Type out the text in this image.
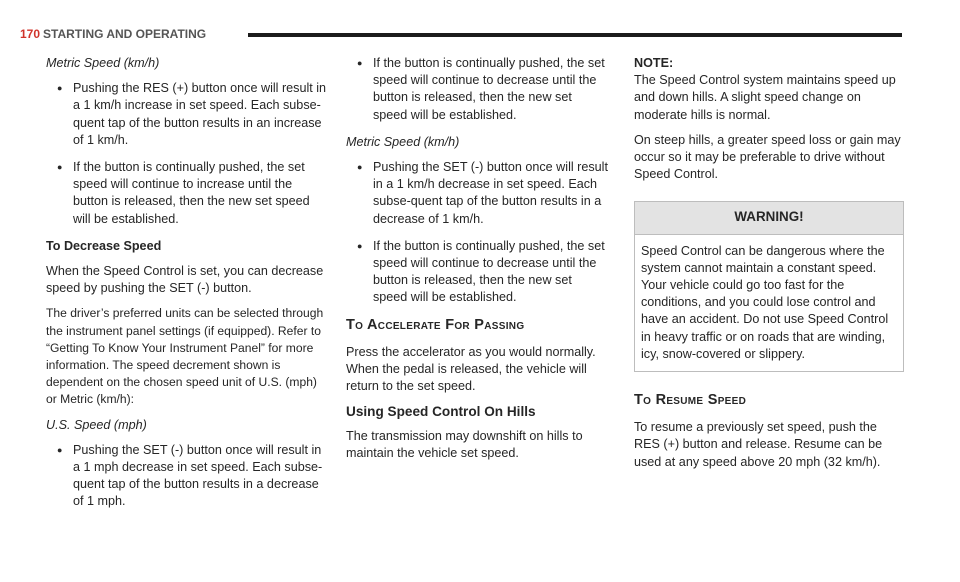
170 STARTING AND OPERATING

Metric Speed (km/h)

● Pushing the RES (+) button once will result in a 1 km/h increase in set speed. Each subse-quent tap of the button results in an increase of 1 km/h.
● If the button is continually pushed, the set speed will continue to increase until the button is released, then the new set speed will be established.

To Decrease Speed

When the Speed Control is set, you can decrease speed by pushing the SET (-) button.

The driver’s preferred units can be selected through the instrument panel settings (if equipped). Refer to “Getting To Know Your Instrument Panel” for more information. The speed decrement shown is dependent on the chosen speed unit of U.S. (mph) or Metric (km/h):

U.S. Speed (mph)

● Pushing the SET (-) button once will result in a 1 mph decrease in set speed. Each subse-quent tap of the button results in a decrease of 1 mph.
● If the button is continually pushed, the set speed will continue to decrease until the button is released, then the new set speed will be established.

Metric Speed (km/h)

● Pushing the SET (-) button once will result in a 1 km/h decrease in set speed. Each subse-quent tap of the button results in a decrease of 1 km/h.
● If the button is continually pushed, the set speed will continue to decrease until the button is released, then the new set speed will be established.
To Accelerate For Passing

Press the accelerator as you would normally. When the pedal is released, the vehicle will return to the set speed.

Using Speed Control On Hills

The transmission may downshift on hills to maintain the vehicle set speed.

NOTE:

The Speed Control system maintains speed up and down hills. A slight speed change on moderate hills is normal.

On steep hills, a greater speed loss or gain may occur so it may be preferable to drive without Speed Control.

WARNING!
Speed Control can be dangerous where the system cannot maintain a constant speed. Your vehicle could go too fast for the conditions, and you could lose control and have an accident. Do not use Speed Control in heavy traffic or on roads that are winding, icy, snow-covered or slippery.
To Resume Speed

To resume a previously set speed, push the RES (+) button and release. Resume can be used at any speed above 20 mph (32 km/h).
